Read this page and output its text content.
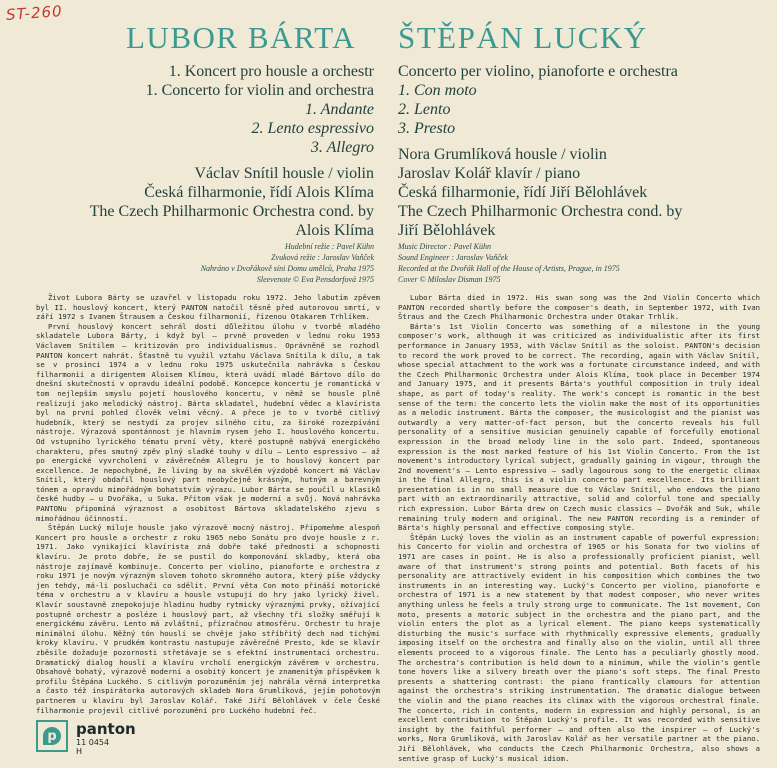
ST-260
LUBOR BÁRTA ŠTĚPÁN LUCKÝ
1. Koncert pro housle a orchestr
1. Concerto for violin and orchestra
1. Andante
2. Lento espressivo
3. Allegro
Václav Snítil housle / violin
Česká filharmonie, řídí Alois Klíma
The Czech Philharmonic Orchestra cond. by
Alois Klíma
Concerto per violino, pianoforte e orchestra
1. Con moto
2. Lento
3. Presto
Nora Grumlíková housle / violin
Jaroslav Kolář klavír / piano
Česká filharmonie, řídí Jiří Bělohlávek
The Czech Philharmonic Orchestra cond. by
Jiří Bělohlávek
Hudební režie : Pavel Kühn
Zvuková režie : Jaroslav Vaňček
Nahráno v Dvořákově síni Domu umělců, Praha 1975
Sleevenote © Eva Pensdorfová 1975
Music Director : Pavel Kühn
Sound Engineer : Jaroslav Vaňček
Recorded at the Dvořák Hall of the House of Artists, Prague, in 1975
Cover © Miloslav Disman 1975

Život Lubora Bárty se uzavřel v listopadu roku 1972. Jeho labutím zpěvem byl II. houslový koncert, který PANTON natočil těsně před autorovou smrtí, v září 1972 s Ivanem Štrausem a Českou filharmonií, řízenou Otakarem Trhlíkem.

První houslový koncert sehrál dosti důležitou úlohu v tvorbě mladého skladatele Lubora Bárty, i když byl — prvně proveden v lednu roku 1953 Václavem Snítilem — kritizován pro individualismus. Oprávněně se rozhodl PANTON koncert nahrát. Šťastně tu využil vztahu Václava Snítila k dílu, a tak se v prosinci 1974 a v lednu roku 1975 uskutečnila nahrávka s Českou filharmonií a dirigentem Aloisem Klímou, která uvádí mladé Bártovo dílo do dnešní skutečnosti v opravdu ideální podobě. Koncepce koncertu je romantická v tom nejlepším smyslu pojetí houslového koncertu, v němž se housle plně realizují jako melodický nástroj. Bárta skladatel, hudební vědec a klavírista byl na první pohled člověk velmi věcný. A přece je to v tvorbě citlivý hudebník, který se nestydí za projev silného citu, za široké rozezpívání nástroje. Výrazová spontánnost je hlavním rysem jeho I. houslového koncertu. Od vstupního lyrického tématu první věty, které postupně nabývá energického charakteru, přes smutný zpěv plný sladké touhy v dílu — Lento espressivo — až po energické vyvrcholení v závěrečném Allegru je to houslový koncert par excellence. Je nepochybné, že living by na skvělém výzdobě koncert má Václav Snítil, který obdařil houslový part neobyčejně krásným, hutným a barevným tónem a opravdu mimořádným bohatstvím výrazu. Lubor Bárta se poučil u klasiků české hudby — u Dvořáka, u Suka. Přitom však je moderní a svůj. Nová nahrávka PANTONu připomíná výraznost a osobitost Bártova skladatelského zjevu s mimořádnou účinností.

Štěpán Lucký miluje housle jako výrazově mocný nástroj. Připomeňme alespoň Koncert pro housle a orchestr z roku 1965 nebo Sonátu pro dvoje housle z r. 1971. Jako vynikající klavírista zná dobře také přednosti a schopnosti klavíru. Je proto dobře, že se pustil do komponování skladby, která oba nástroje zajímavě kombinuje. Concerto per violino, pianoforte e orchestra z roku 1971 je novým výrazným slovem tohoto skromného autora, který píše vždycky jen tehdy, má-li posluchači co sdělit. První věta Con moto přináší motorické téma v orchestru a v klavíru a housle vstupují do hry jako lyrický živel. Klavír soustavně znepokojuje hladinu hudby rytmicky výraznými prvky, ožívající postupně orchestr a posléze i houslový part, až všechny tři složky směřují k energickému závěru. Lento má zvláštní, přízračnou atmosféru. Orchestr tu hraje minimální úlohu. Něžný tón houslí se chvěje jako stříbřitý dech nad tichými kroky klavíru. V prudkém kontrastu nastupuje závěrečné Presto, kde se klavír zběsile dožaduje pozornosti střetávaje se s efektní instrumentací orchestru. Dramatický dialog houslí a klavíru vrcholí energickým závěrem v orchestru. Obsahově bohatý, výrazově moderní a osobitý koncert je znamenitým příspěvkem k profilu Štěpána Luckého. S citlivým porozuměním jej nahrála věrná interpretka a často též inspirátorka autorových skladeb Nora Grumlíková, jejím pohotovým partnerem u klavíru byl Jaroslav Kolář. Také Jiří Bělohlávek v čele České filharmonie projevil citlivé porozumění pro Luckého hudební řeč.

Lubor Bárta died in 1972. His swan song was the 2nd Violin Concerto which PANTON recorded shortly before the composer's death, in September 1972, with Ivan Štraus and the Czech Philharmonic Orchestra under Otakar Trhlík.

Bárta's 1st Violin Concerto was something of a milestone in the young composer's work, although it was criticized as individualistic after its first performance in January 1953, with Václav Snítil as the soloist. PANTON's decision to record the work proved to be correct. The recording, again with Václav Snítil, whose special attachment to the work was a fortunate circumstance indeed, and with the Czech Philharmonic Orchestra under Alois Klíma, took place in December 1974 and January 1975, and it presents Bárta's youthful composition in truly ideal shape, as part of today's reality. The work's concept is romantic in the best sense of the term: the concerto lets the violin make the most of its opportunities as a melodic instrument. Bárta the composer, the musicologist and the pianist was outwardly a very matter-of-fact person, but the concerto reveals his full personality of a sensitive musician genuinely capable of forcefully emotional expression in the broad melody line in the solo part. Indeed, spontaneous expression is the most marked feature of his 1st Violin Concerto. From the 1st movement's introductory lyrical subject, gradually gaining in vigour, through the 2nd movement's — Lento espressivo — sadly lagourous song to the energetic climax in the final Allegro, this is a violin concerto part excellence. Its brilliant presentation is in no small measure due to Václav Snítil, who endows the piano part with an extraordinarily attractive, solid and colorful tone and specially rich expression. Lubor Bárta drew on Czech music classics — Dvořák and Suk, while remaining truly modern and original. The new PANTON recording is a reminder of Bárta's highly personal and effective composing style.

Štěpán Lucký loves the violin as an instrument capable of powerful expression: his Concerto for violin and orchestra of 1965 or his Sonata for two violins of 1971 are cases in point. He is also a professionally proficient pianist, well aware of that instrument's strong points and potential. Both facets of his personality are attractively evident in his composition which combines the two instruments in an interesting way. Lucký's Concerto per violino, pianoforte e orchestra of 1971 is a new statement by that modest composer, who never writes anything unless he feels a truly strong urge to communicate. The 1st movement, Con moto, presents a motoric subject in the orchestra and the piano part, and the violin enters the plot as a lyrical element. The piano keeps systematically disturbing the music's surface with rhythmically expressive elements, gradually imposing itself on the orchestra and finally also on the violin, until all three elements proceed to a vigorous finale. The Lento has a peculiarly ghostly mood. The orchestra's contribution is held down to a minimum, while the violin's gentle tone hovers like a silvery breath over the piano's soft steps. The final Presto presents a shattering contrast: the piano frantically clamours for attention against the orchestra's striking instrumentation. The dramatic dialogue between the violin and the piano reaches its climax with the vigorous orchestral finale. The concerto, rich in contents, modern in expression and highly personal, is an excellent contribution to Štěpán Lucký's profile. It was recorded with sensitive insight by the faithful performer — and often also the inspirer — of Lucký's works, Nora Grumlíková, with Jaroslav Kolář as her versatile partner at the piano. Jiří Bělohlávek, who conducts the Czech Philharmonic Orchestra, also shows a sentive grasp of Lucký's musical idiom.

p panton
11 0454
H
